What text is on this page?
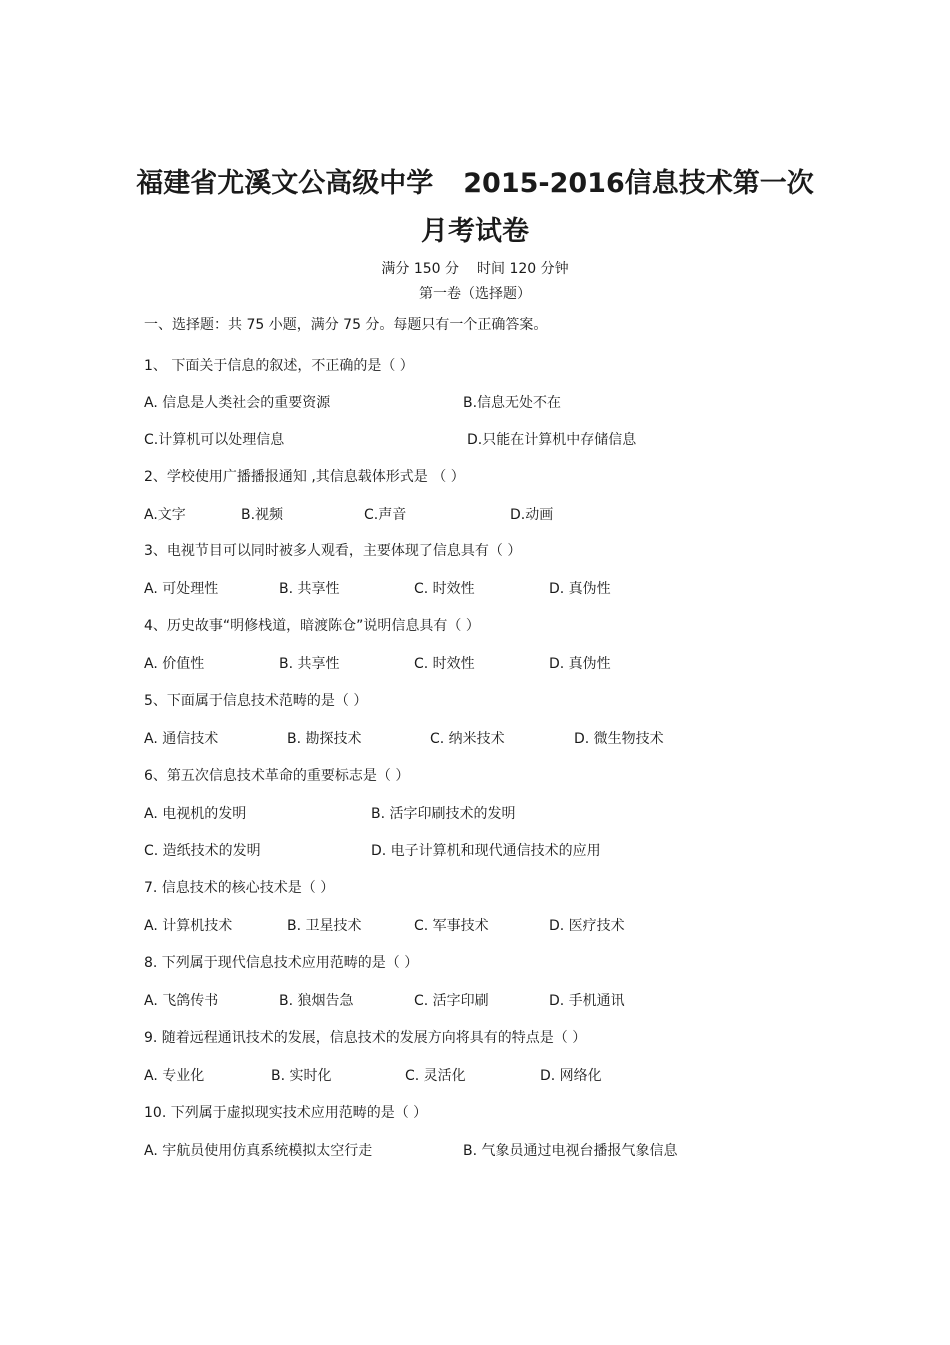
福建省尤溪文公高级中学 2015-2016信息技术第一次
月考试卷
满分 150 分 时间 120 分钟
第一卷（选择题）
一、选择题：共 75 小题，满分 75 分。每题只有一个正确答案。
1、 下面关于信息的叙述，不正确的是（ ）
A. 信息是人类社会的重要资源	B.信息无处不在
C.计算机可以处理信息	D.只能在计算机中存储信息
2、学校使用广播播报通知 ,其信息载体形式是 （ ）
A.文字	B.视频	C.声音	D.动画
3、电视节目可以同时被多人观看，主要体现了信息具有（ ）
A. 可处理性	B. 共享性	C. 时效性	D. 真伪性
4、历史故事“明修栈道，暗渡陈仓”说明信息具有（ ）
A. 价值性	B. 共享性	C. 时效性	D. 真伪性
5、下面属于信息技术范畴的是（ ）
A. 通信技术	B. 勘探技术	C. 纳米技术	D. 微生物技术
6、第五次信息技术革命的重要标志是（ ）
A. 电视机的发明	B. 活字印刷技术的发明
C. 造纸技术的发明	D. 电子计算机和现代通信技术的应用
7. 信息技术的核心技术是（ ）
A. 计算机技术	B. 卫星技术	C. 军事技术	D. 医疗技术
8. 下列属于现代信息技术应用范畴的是（ ）
A. 飞鸽传书	B. 狼烟告急	C. 活字印刷	D. 手机通讯
9. 随着远程通讯技术的发展，信息技术的发展方向将具有的特点是（ ）
A. 专业化	B. 实时化	C. 灵活化	D. 网络化
10. 下列属于虚拟现实技术应用范畴的是（ ）
A. 宇航员使用仿真系统模拟太空行走	B. 气象员通过电视台播报气象信息
